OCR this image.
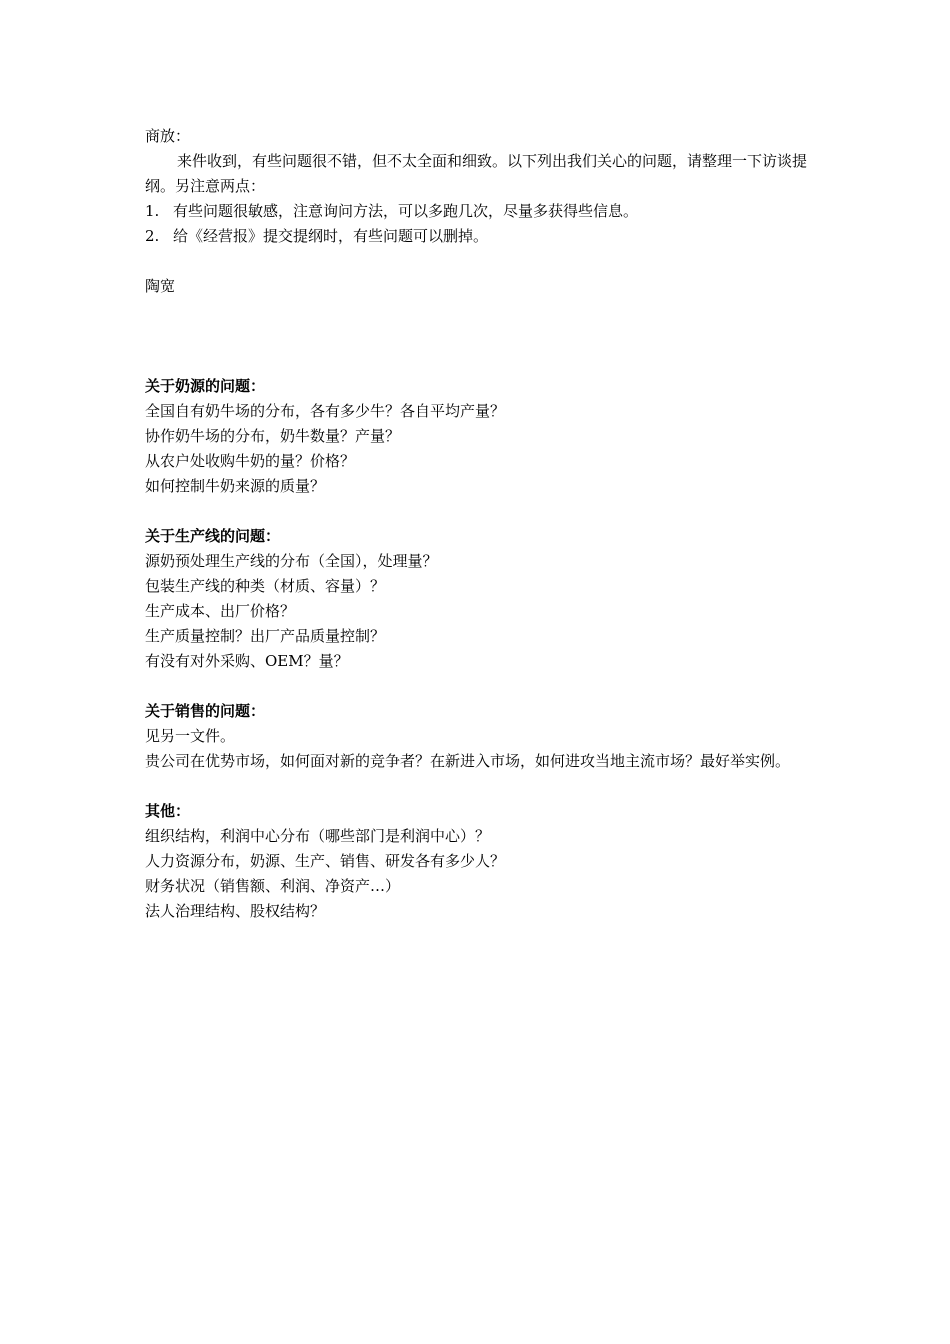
商放：

来件收到，有些问题很不错，但不太全面和细致。以下列出我们关心的问题，请整理一下访谈提纲。另注意两点：

1. 有些问题很敏感，注意询问方法，可以多跑几次，尽量多获得些信息。
2. 给《经营报》提交提纲时，有些问题可以删掉。

陶宽

关于奶源的问题：

全国自有奶牛场的分布，各有多少牛？各自平均产量？

协作奶牛场的分布，奶牛数量？产量？

从农户处收购牛奶的量？价格？

如何控制牛奶来源的质量？

关于生产线的问题：

源奶预处理生产线的分布（全国），处理量？

包装生产线的种类（材质、容量）？

生产成本、出厂价格？

生产质量控制？出厂产品质量控制？

有没有对外采购、OEM？量？

关于销售的问题：

见另一文件。

贵公司在优势市场，如何面对新的竞争者？在新进入市场，如何进攻当地主流市场？最好举实例。

其他：

组织结构，利润中心分布（哪些部门是利润中心）？

人力资源分布，奶源、生产、销售、研发各有多少人？

财务状况（销售额、利润、净资产…）

法人治理结构、股权结构？
